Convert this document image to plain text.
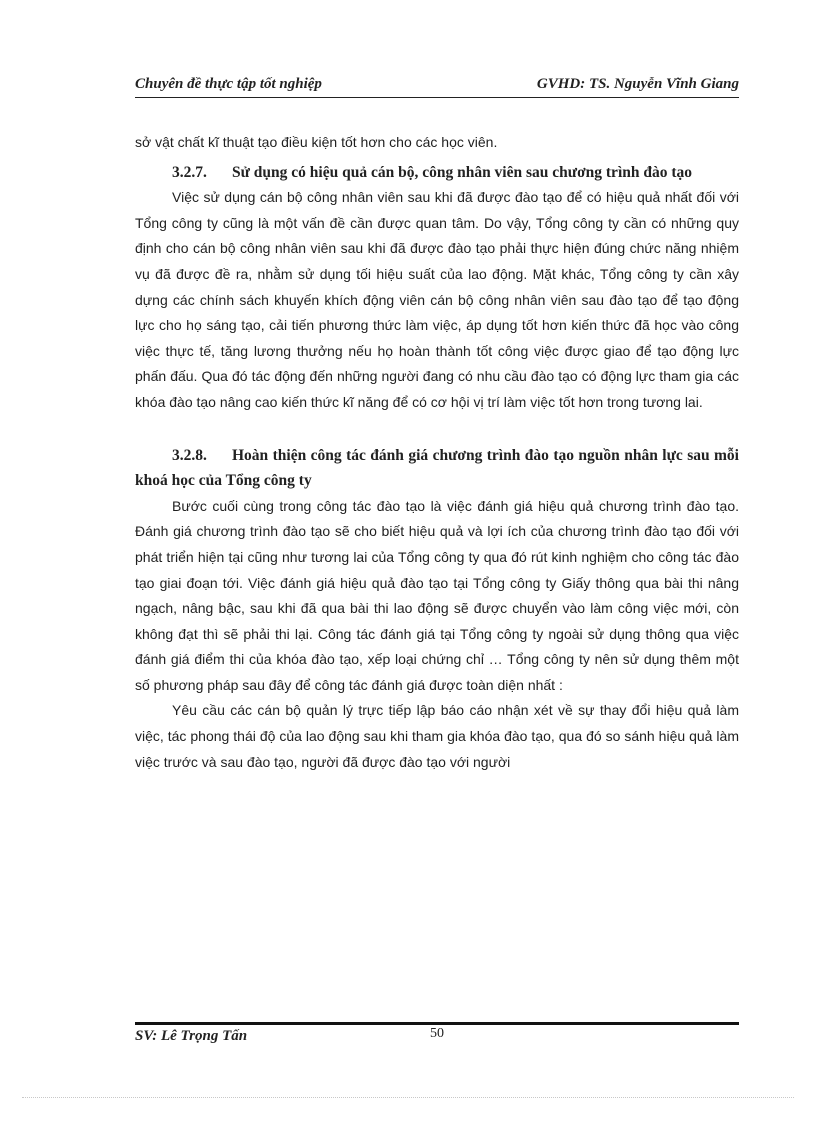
Chuyên đề thực tập tốt nghiệp	GVHD: TS. Nguyễn Vĩnh Giang

sở vật chất kĩ thuật tạo điều kiện tốt hơn cho các học viên.

3.2.7. Sử dụng có hiệu quả cán bộ, công nhân viên sau chương trình đào tạo

Việc sử dụng cán bộ công nhân viên sau khi đã được đào tạo để có hiệu quả nhất đối với Tổng công ty cũng là một vấn đề cần được quan tâm. Do vậy, Tổng công ty cần có những quy định cho cán bộ công nhân viên sau khi đã được đào tạo phải thực hiện đúng chức năng nhiệm vụ đã được đề ra, nhằm sử dụng tối hiệu suất của lao động. Mặt khác, Tổng công ty cần xây dựng các chính sách khuyến khích động viên cán bộ công nhân viên sau đào tạo để tạo động lực cho họ sáng tạo, cải tiến phương thức làm việc, áp dụng tốt hơn kiến thức đã học vào công việc thực tế, tăng lương thưởng nếu họ hoàn thành tốt công việc được giao để tạo động lực phấn đấu. Qua đó tác động đến những người đang có nhu cầu đào tạo có động lực tham gia các khóa đào tạo nâng cao kiến thức kĩ năng để có cơ hội vị trí làm việc tốt hơn trong tương lai.

3.2.8. Hoàn thiện công tác đánh giá chương trình đào tạo nguồn nhân lực sau mỗi khoá học của Tổng công ty

Bước cuối cùng trong công tác đào tạo là việc đánh giá hiệu quả chương trình đào tạo. Đánh giá chương trình đào tạo sẽ cho biết hiệu quả và lợi ích của chương trình đào tạo đối với phát triển hiện tại cũng như tương lai của Tổng công ty qua đó rút kinh nghiệm cho công tác đào tạo giai đoạn tới. Việc đánh giá hiệu quả đào tạo tại Tổng công ty Giấy thông qua bài thi nâng ngạch, nâng bậc, sau khi đã qua bài thi lao động sẽ được chuyển vào làm công việc mới, còn không đạt thì sẽ phải thi lại. Công tác đánh giá tại Tổng công ty ngoài sử dụng thông qua việc đánh giá điểm thi của khóa đào tạo, xếp loại chứng chỉ … Tổng công ty nên sử dụng thêm một số phương pháp sau đây để công tác đánh giá được toàn diện nhất :

Yêu cầu các cán bộ quản lý trực tiếp lập báo cáo nhận xét về sự thay đổi hiệu quả làm việc, tác phong thái độ của lao động sau khi tham gia khóa đào tạo, qua đó so sánh hiệu quả làm việc trước và sau đào tạo, người đã được đào tạo với người

SV: Lê Trọng Tấn	50
